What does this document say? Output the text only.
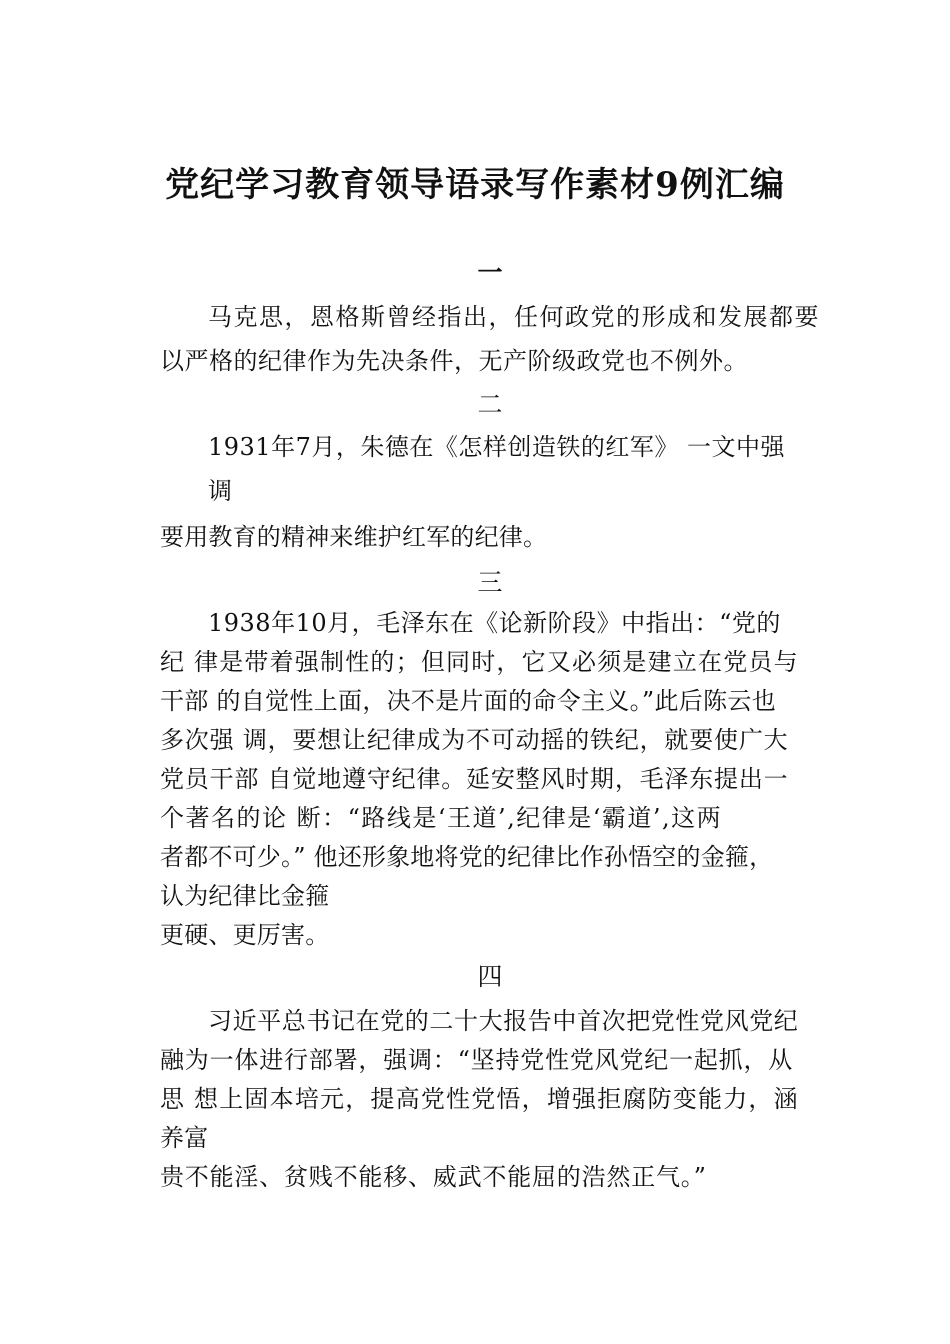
党纪学习教育领导语录写作素材9例汇编
一
马克思，恩格斯曾经指出，任何政党的形成和发展都要
以严格的纪律作为先决条件，无产阶级政党也不例外。
二
1931年7月，朱德在《怎样创造铁的红军》 一文中强
调
要用教育的精神来维护红军的纪律。
三
1938年10月，毛泽东在《论新阶段》中指出：“党的
纪 律是带着强制性的；但同时，它又必须是建立在党员与
干部 的自觉性上面，决不是片面的命令主义。”此后陈云也
多次强 调，要想让纪律成为不可动摇的铁纪，就要使广大
党员干部 自觉地遵守纪律。延安整风时期，毛泽东提出一
个著名的论 断：“路线是‘王道’,纪律是‘霸道’,这两
者都不可少。” 他还形象地将党的纪律比作孙悟空的金箍，
认为纪律比金箍
更硬、更厉害。
四
习近平总书记在党的二十大报告中首次把党性党风党纪
融为一体进行部署，强调：“坚持党性党风党纪一起抓，从
思 想上固本培元，提高党性党悟，增强拒腐防变能力，涵
养富
贵不能淫、贫贱不能移、威武不能屈的浩然正气。”
